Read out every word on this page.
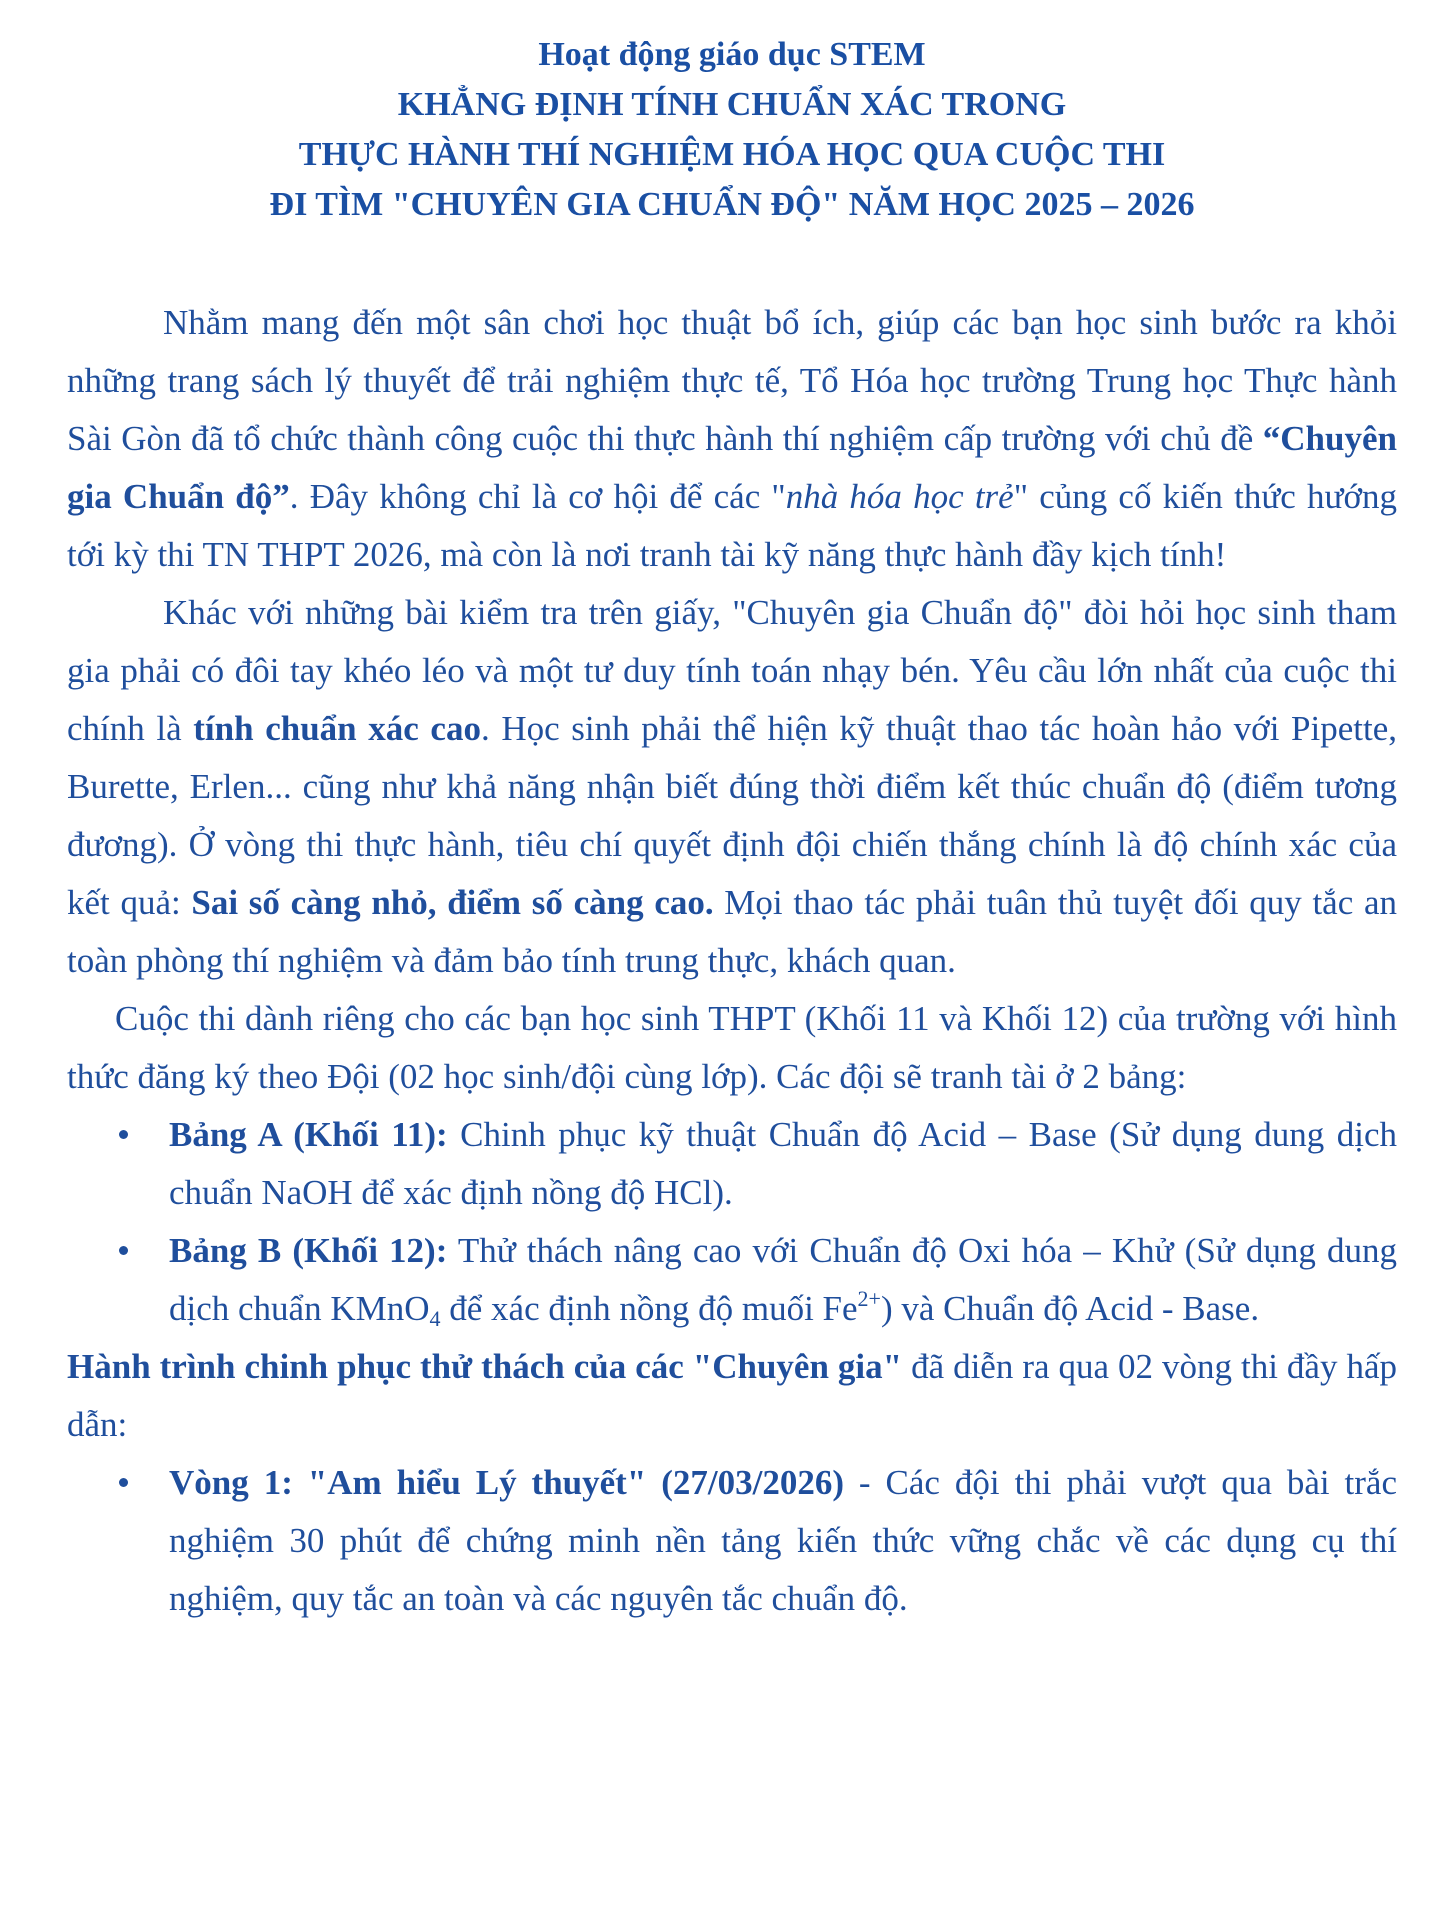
Hoạt động giáo dục STEM
KHẲNG ĐỊNH TÍNH CHUẨN XÁC TRONG
THỰC HÀNH THÍ NGHIỆM HÓA HỌC QUA CUỘC THI
ĐI TÌM "CHUYÊN GIA CHUẨN ĐỘ" NĂM HỌC 2025 – 2026

Nhằm mang đến một sân chơi học thuật bổ ích, giúp các bạn học sinh bước ra khỏi những trang sách lý thuyết để trải nghiệm thực tế, Tổ Hóa học trường Trung học Thực hành Sài Gòn đã tổ chức thành công cuộc thi thực hành thí nghiệm cấp trường với chủ đề “Chuyên gia Chuẩn độ”. Đây không chỉ là cơ hội để các "nhà hóa học trẻ" củng cố kiến thức hướng tới kỳ thi TN THPT 2026, mà còn là nơi tranh tài kỹ năng thực hành đầy kịch tính!

Khác với những bài kiểm tra trên giấy, "Chuyên gia Chuẩn độ" đòi hỏi học sinh tham gia phải có đôi tay khéo léo và một tư duy tính toán nhạy bén. Yêu cầu lớn nhất của cuộc thi chính là tính chuẩn xác cao. Học sinh phải thể hiện kỹ thuật thao tác hoàn hảo với Pipette, Burette, Erlen... cũng như khả năng nhận biết đúng thời điểm kết thúc chuẩn độ (điểm tương đương). Ở vòng thi thực hành, tiêu chí quyết định đội chiến thắng chính là độ chính xác của kết quả: Sai số càng nhỏ, điểm số càng cao. Mọi thao tác phải tuân thủ tuyệt đối quy tắc an toàn phòng thí nghiệm và đảm bảo tính trung thực, khách quan.

Cuộc thi dành riêng cho các bạn học sinh THPT (Khối 11 và Khối 12) của trường với hình thức đăng ký theo Đội (02 học sinh/đội cùng lớp). Các đội sẽ tranh tài ở 2 bảng:

Bảng A (Khối 11): Chinh phục kỹ thuật Chuẩn độ Acid – Base (Sử dụng dung dịch chuẩn NaOH để xác định nồng độ HCl).
Bảng B (Khối 12): Thử thách nâng cao với Chuẩn độ Oxi hóa – Khử (Sử dụng dung dịch chuẩn KMnO$_4$ để xác định nồng độ muối $Fe^{2+}$) và Chuẩn độ Acid - Base.

Hành trình chinh phục thử thách của các "Chuyên gia" đã diễn ra qua 02 vòng thi đầy hấp dẫn:

Vòng 1: "Am hiểu Lý thuyết" (27/03/2026) - Các đội thi phải vượt qua bài trắc nghiệm 30 phút để chứng minh nền tảng kiến thức vững chắc về các dụng cụ thí nghiệm, quy tắc an toàn và các nguyên tắc chuẩn độ.
